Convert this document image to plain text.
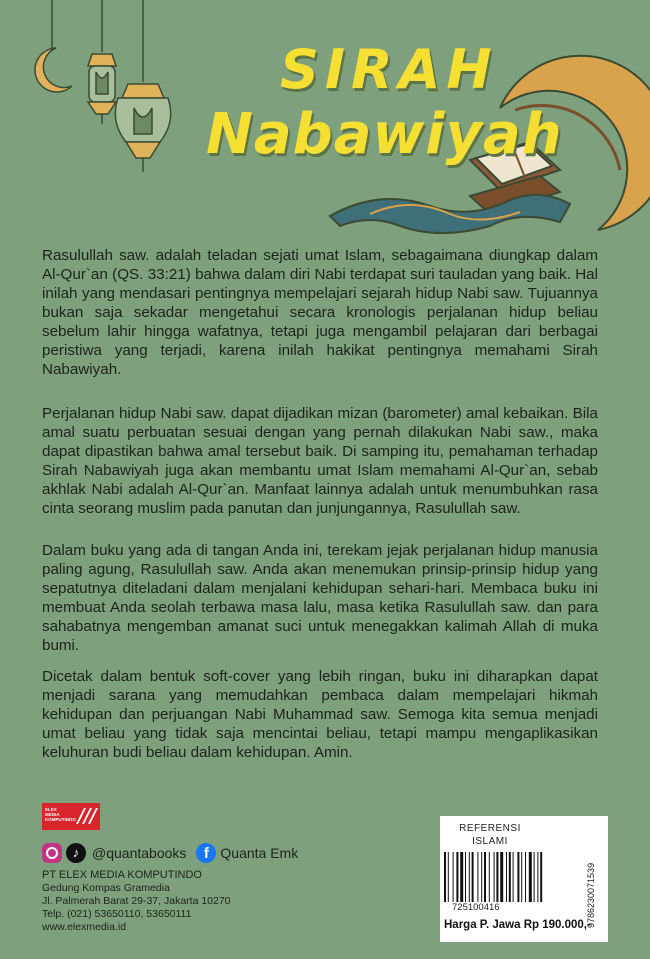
SIRAH
Nabawiyah

Rasulullah saw. adalah teladan sejati umat Islam, sebagaimana diungkap dalam Al-Qur`an (QS. 33:21) bahwa dalam diri Nabi terdapat suri tauladan yang baik. Hal inilah yang mendasari pentingnya mempelajari sejarah hidup Nabi saw. Tujuannya bukan saja sekadar mengetahui secara kronologis perjalanan hidup beliau sebelum lahir hingga wafatnya, tetapi juga mengambil pelajaran dari berbagai peristiwa yang terjadi, karena inilah hakikat pentingnya memahami Sirah Nabawiyah.

Perjalanan hidup Nabi saw. dapat dijadikan mizan (barometer) amal kebaikan. Bila amal suatu perbuatan sesuai dengan yang pernah dilakukan Nabi saw., maka dapat dipastikan bahwa amal tersebut baik. Di samping itu, pemahaman terhadap Sirah Nabawiyah juga akan membantu umat Islam memahami Al-Qur`an, sebab akhlak Nabi adalah Al-Qur`an. Manfaat lainnya adalah untuk menumbuhkan rasa cinta seorang muslim pada panutan dan junjungannya, Rasulullah saw.

Dalam buku yang ada di tangan Anda ini, terekam jejak perjalanan hidup manusia paling agung, Rasulullah saw. Anda akan menemukan prinsip-prinsip hidup yang sepatutnya diteladani dalam menjalani kehidupan sehari-hari. Membaca buku ini membuat Anda seolah terbawa masa lalu, masa ketika Rasulullah saw. dan para sahabatnya mengemban amanat suci untuk menegakkan kalimah Allah di muka bumi.

Dicetak dalam bentuk soft-cover yang lebih ringan, buku ini diharapkan dapat menjadi sarana yang memudahkan pembaca dalam mempelajari hikmah kehidupan dan perjuangan Nabi Muhammad saw. Semoga kita semua menjadi umat beliau yang tidak saja mencintai beliau, tetapi mampu mengaplikasikan keluhuran budi beliau dalam kehidupan. Amin.

ELEX MEDIA KOMPUTINDO
♪ @quantabooks	f Quanta Emk
PT ELEX MEDIA KOMPUTINDO
Gedung Kompas Gramedia
Jl. Palmerah Barat 29-37, Jakarta 10270
Telp. (021) 53650110, 53650111
www.elexmedia.id
REFERENSI ISLAMI
9786230071539
725100416
Harga P. Jawa Rp 190.000,-
